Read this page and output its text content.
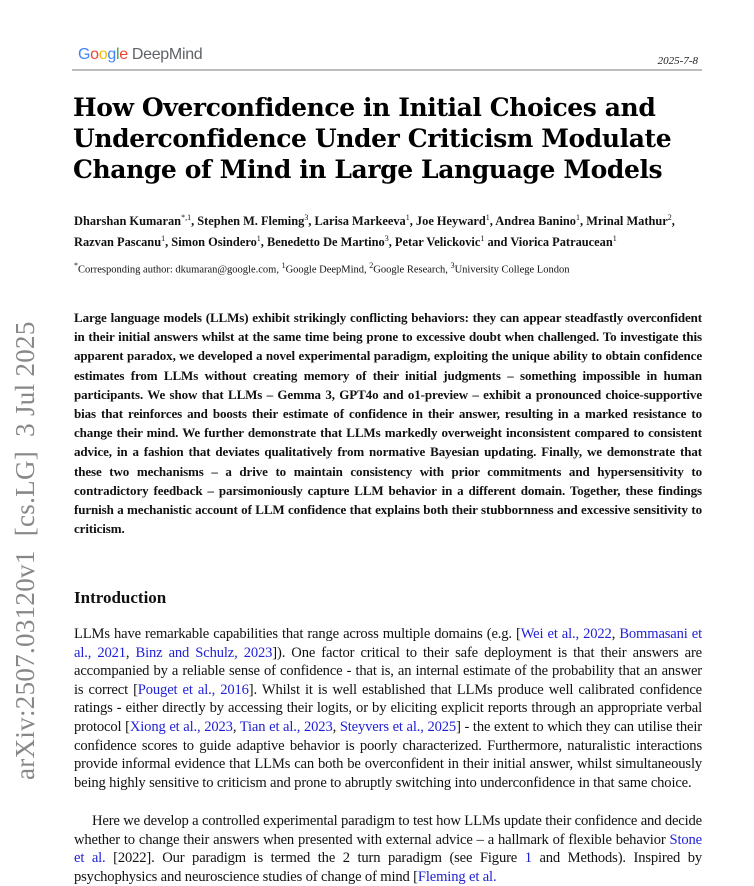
arXiv:2507.03120v1  [cs.LG]  3 Jul 2025
Google DeepMind	2025-7-8
How Overconfidence in Initial Choices and Underconfidence Under Criticism Modulate Change of Mind in Large Language Models
Dharshan Kumaran$^{*,1}$, Stephen M. Fleming$^3$, Larisa Markeeva$^1$, Joe Heyward$^1$, Andrea Banino$^1$, Mrinal Mathur$^2$, Razvan Pascanu$^1$, Simon Osindero$^1$, Benedetto De Martino$^3$, Petar Velickovic$^1$ and Viorica Patraucean$^1$
*Corresponding author: dkumaran@google.com, $^1$Google DeepMind, $^2$Google Research, $^3$University College London
Large language models (LLMs) exhibit strikingly conflicting behaviors: they can appear steadfastly overconfident in their initial answers whilst at the same time being prone to excessive doubt when challenged. To investigate this apparent paradox, we developed a novel experimental paradigm, exploiting the unique ability to obtain confidence estimates from LLMs without creating memory of their initial judgments – something impossible in human participants. We show that LLMs – Gemma 3, GPT4o and o1-preview – exhibit a pronounced choice-supportive bias that reinforces and boosts their estimate of confidence in their answer, resulting in a marked resistance to change their mind. We further demonstrate that LLMs markedly overweight inconsistent compared to consistent advice, in a fashion that deviates qualitatively from normative Bayesian updating. Finally, we demonstrate that these two mechanisms – a drive to maintain consistency with prior commitments and hypersensitivity to contradictory feedback – parsimoniously capture LLM behavior in a different domain. Together, these findings furnish a mechanistic account of LLM confidence that explains both their stubbornness and excessive sensitivity to criticism.
Introduction
LLMs have remarkable capabilities that range across multiple domains (e.g. [Wei et al., 2022, Bommasani et al., 2021, Binz and Schulz, 2023]). One factor critical to their safe deployment is that their answers are accompanied by a reliable sense of confidence - that is, an internal estimate of the probability that an answer is correct [Pouget et al., 2016]. Whilst it is well established that LLMs produce well calibrated confidence ratings - either directly by accessing their logits, or by eliciting explicit reports through an appropriate verbal protocol [Xiong et al., 2023, Tian et al., 2023, Steyvers et al., 2025] - the extent to which they can utilise their confidence scores to guide adaptive behavior is poorly characterized. Furthermore, naturalistic interactions provide informal evidence that LLMs can both be overconfident in their initial answer, whilst simultaneously being highly sensitive to criticism and prone to abruptly switching into underconfidence in that same choice.
Here we develop a controlled experimental paradigm to test how LLMs update their confidence and decide whether to change their answers when presented with external advice – a hallmark of flexible behavior Stone et al. [2022]. Our paradigm is termed the 2 turn paradigm (see Figure 1 and Methods). Inspired by psychophysics and neuroscience studies of change of mind [Fleming et al.
